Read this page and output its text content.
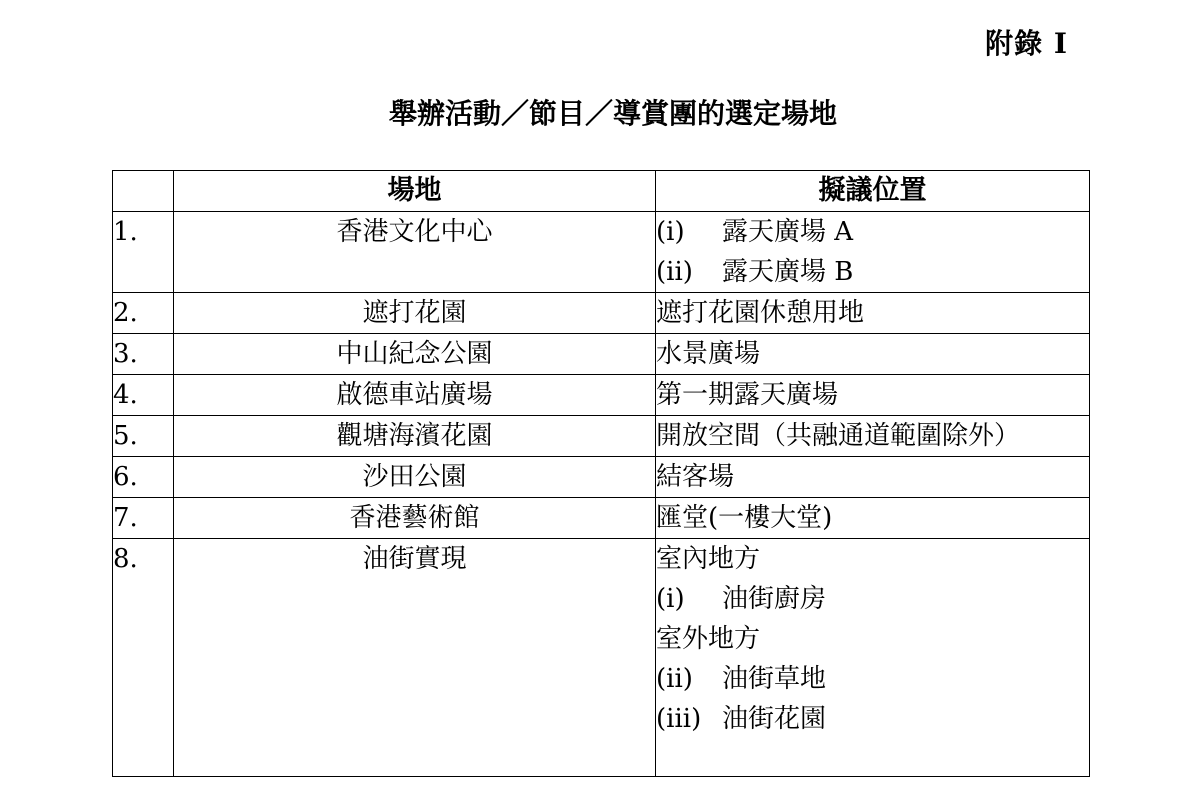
附錄 I
舉辦活動／節目／導賞團的選定場地
	場地	擬議位置
1.	香港文化中心	(i) 露天廣場 A
(ii) 露天廣場 B

2.	遮打花園	遮打花園休憩用地
3.	中山紀念公園	水景廣場
4.	啟德車站廣場	第一期露天廣場
5.	觀塘海濱花園	開放空間（共融通道範圍除外）
6.	沙田公園	結客場
7.	香港藝術館	匯堂(一樓大堂)
8.	油街實現	室內地方
(i) 油街廚房
室外地方
(ii) 油街草地
(iii) 油街花園
